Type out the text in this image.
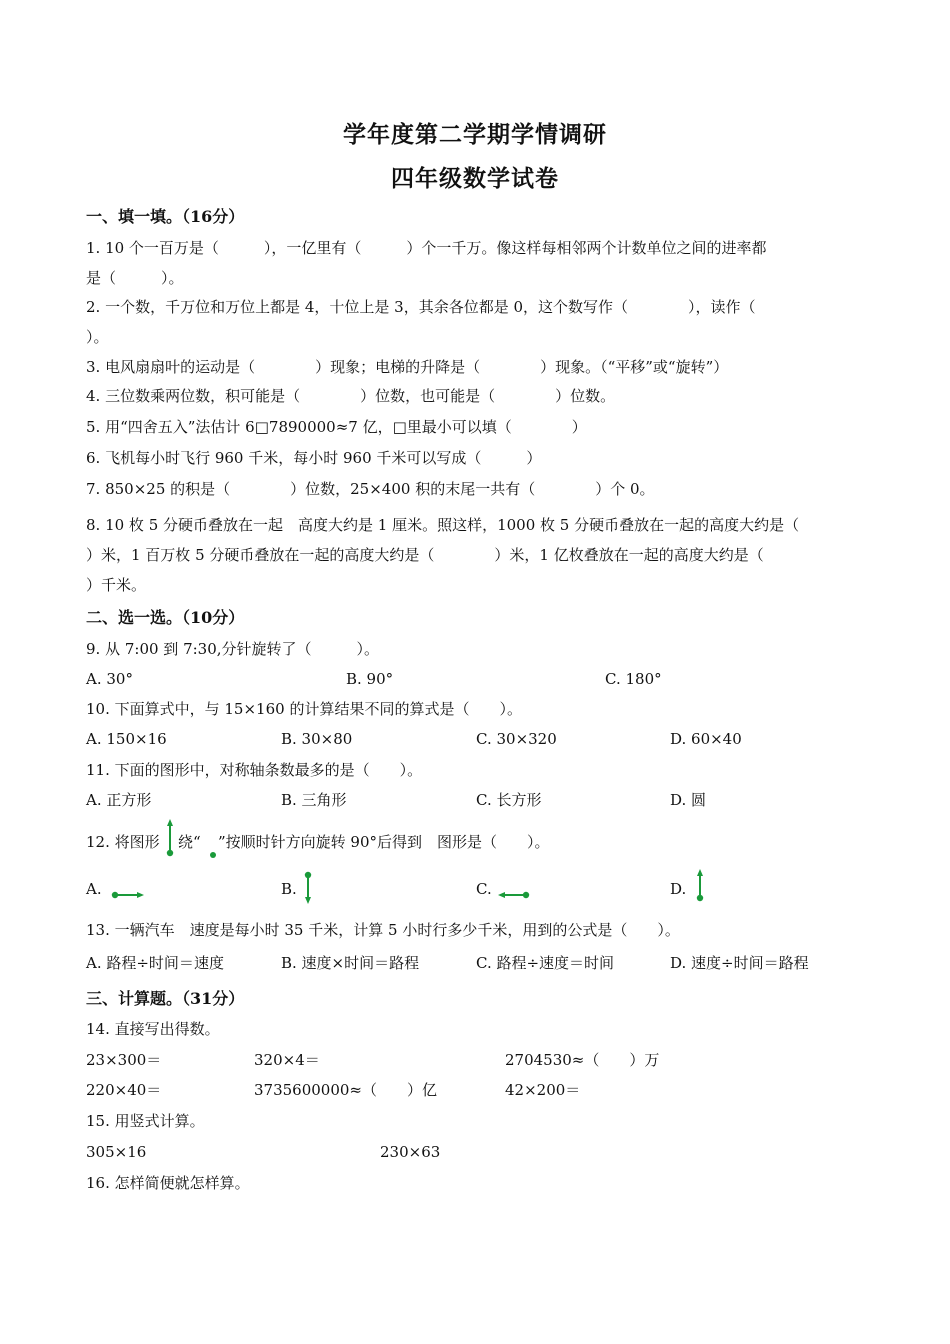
学年度第二学期学情调研
四年级数学试卷
一、填一填。（16分）
1. 10 个一百万是（　　　），一亿里有（　　　）个一千万。像这样每相邻两个计数单位之间的进率都
是（　　　）。
2. 一个数，千万位和万位上都是 4，十位上是 3，其余各位都是 0，这个数写作（　　　　），读作（
）。
3. 电风扇扇叶的运动是（　　　　）现象；电梯的升降是（　　　　）现象。（“平移”或“旋转”）
4. 三位数乘两位数，积可能是（　　　　）位数，也可能是（　　　　）位数。
5. 用“四舍五入”法估计 6□7890000≈7 亿，□里最小可以填（　　　　）
6. 飞机每小时飞行 960 千米，每小时 960 千米可以写成（　　　）
7. 850×25 的积是（　　　　）位数，25×400 积的末尾一共有（　　　　）个 0。
8. 10 枚 5 分硬币叠放在一起　高度大约是 1 厘米。照这样，1000 枚 5 分硬币叠放在一起的高度大约是（
）米，1 百万枚 5 分硬币叠放在一起的高度大约是（　　　　）米，1 亿枚叠放在一起的高度大约是（
）千米。
二、选一选。（10分）
9. 从 7:00 到 7:30,分针旋转了（　　　）。
A. 30°	B. 90°	C. 180°
10. 下面算式中，与 15×160 的计算结果不同的算式是（　　）。
A. 150×16	B. 30×80	C. 30×320	D. 60×40
11. 下面的图形中，对称轴条数最多的是（　　）。
A. 正方形	B. 三角形	C. 长方形	D. 圆
12. 将图形 绕“ ”按顺时针方向旋转 90°后得到　图形是（　　）。
A.	B.	C.	D.
13. 一辆汽车　速度是每小时 35 千米，计算 5 小时行多少千米，用到的公式是（　　）。
A. 路程÷时间＝速度	B. 速度×时间＝路程	C. 路程÷速度＝时间	D. 速度÷时间＝路程
三、计算题。（31分）
14. 直接写出得数。
23×300＝	320×4＝	2704530≈（　　）万
220×40＝	3735600000≈（　　）亿	42×200＝
15. 用竖式计算。
305×16	230×63
16. 怎样简便就怎样算。
